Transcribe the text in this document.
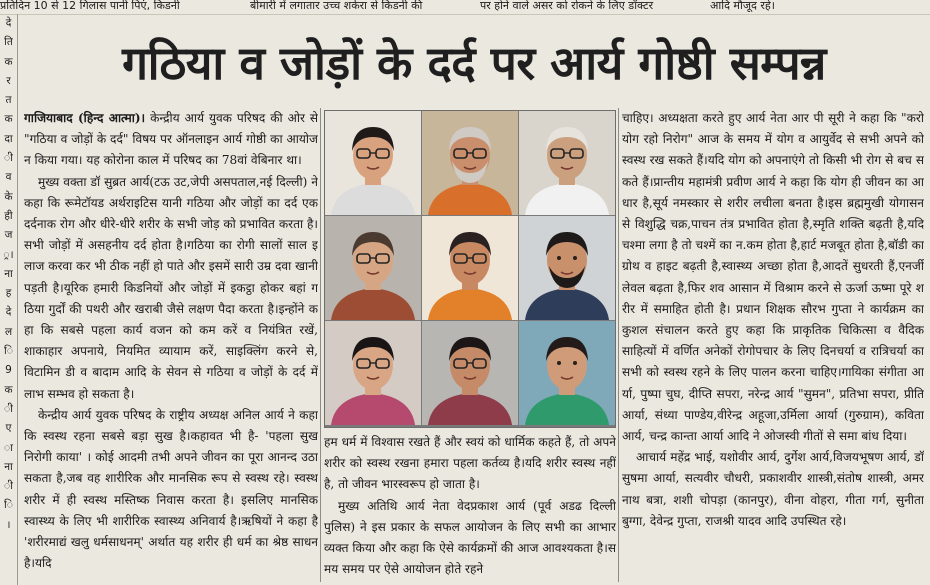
प्रतिदिन 10 से 12 गिलास पानी पिएं, किडनी	बीमारी में लगातार उच्च शर्करा से किडनी की	पर होने वाले असर को रोकने के लिए डॉक्टर	आदि मौजूद रहे।
दे
ति
क
र
त
क
दा
ी
व
के
ही
ज
्र।
ना
ह
दे
ल
ि
9
क
ी
ए
ा
ना
ी
ि
।
गठिया व जोड़ों के दर्द पर आर्य गोष्ठी सम्पन्न

गाजियाबाद (हिन्द आत्मा)। केन्द्रीय आर्य युवक परिषद की ओर से "गठिया व जोड़ों के दर्द" विषय पर ऑनलाइन आर्य गोष्ठी का आयोजन किया गया। यह कोरोना काल में परिषद का 78वां वेबिनार था।

मुख्य वक्ता डॉ सुब्रत आर्य(टऊ उट,जेपी असपताल,नई दिल्ली) ने कहा कि रूमेटॉयड अर्थराइटिस यानी गठिया और जोड़ों का दर्द एक दर्दनाक रोग और धीरे-धीरे शरीर के सभी जोड़ को प्रभावित करता है।सभी जोड़ों में असहनीय दर्द होता है।गठिया का रोगी सालों साल इलाज करवा कर भी ठीक नहीं हो पाते और इसमें सारी उम्र दवा खानी पड़ती है।यूरिक हमारी किडनियों और जोड़ों में इकट्ठा होकर बहां गठिया गुर्दों की पथरी और खराबी जैसे लक्षण पैदा करता है।इन्होंने कहा कि सबसे पहला कार्य वजन को कम करें व नियंत्रित रखें, शाकाहार अपनाये, नियमित व्यायाम करें, साइक्लिंग करने से, विटामिन डी व बादाम आदि के सेवन से गठिया व जोड़ों के दर्द में लाभ सम्भव हो सकता है।

केन्द्रीय आर्य युवक परिषद के राष्ट्रीय अध्यक्ष अनिल आर्य ने कहा कि स्वस्थ रहना सबसे बड़ा सुख है।कहावत भी है- 'पहला सुख निरोगी काया' । कोई आदमी तभी अपने जीवन का पूरा आनन्द उठा सकता है,जब वह शारीरिक और मानसिक रूप से स्वस्थ रहे। स्वस्थ शरीर में ही स्वस्थ मस्तिष्क निवास करता है। इसलिए मानसिक स्वास्थ्य के लिए भी शारीरिक स्वास्थ्य अनिवार्य है।ऋषियों ने कहा है 'शरीरमाद्यं खलु धर्मसाधनम्' अर्थात यह शरीर ही धर्म का श्रेष्ठ साधन है।यदि

हम धर्म में विश्वास रखते हैं और स्वयं को धार्मिक कहते हैं, तो अपने शरीर को स्वस्थ रखना हमारा पहला कर्तव्य है।यदि शरीर स्वस्थ नहीं है, तो जीवन भारस्वरूप हो जाता है।

मुख्य अतिथि आर्य नेता वेदप्रकाश आर्य (पूर्व अडढ दिल्ली पुलिस) ने इस प्रकार के सफल आयोजन के लिए सभी का आभार व्यक्त किया और कहा कि ऐसे कार्यक्रमों की आज आवश्यकता है।समय समय पर ऐसे आयोजन होते रहने

चाहिए। अध्यक्षता करते हुए आर्य नेता आर पी सूरी ने कहा कि "करो योग रहो निरोग" आज के समय में योग व आयुर्वेद से सभी अपने को स्वस्थ रख सकते हैं।यदि योग को अपनाएंगे तो किसी भी रोग से बच सकते हैं।प्रान्तीय महामंत्री प्रवीण आर्य ने कहा कि योग ही जीवन का आधार है,सूर्य नमस्कार से शरीर लचीला बनता है।इस ब्रह्ममुखी योगासन से विशुद्धि चक्र,पाचन तंत्र प्रभावित होता है,स्मृति शक्ति बढ़ती है,यदि चश्मा लगा है तो चश्में का न.कम होता है,हार्ट मजबूत होता है,बॉडी का ग्रोथ व हाइट बढ़ती है,स्वास्थ्य अच्छा होता है,आदतें सुधरती हैं,एनर्जी लेवल बढ़ता है,फिर शव आसान में विश्राम करने से ऊर्जा ऊष्मा पूरे शरीर में समाहित होती है। प्रधान शिक्षक सौरभ गुप्ता ने कार्यक्रम का कुशल संचालन करते हुए कहा कि प्राकृतिक चिकित्सा व वैदिक साहित्यों में वर्णित अनेकों रोगोपचार के लिए दिनचर्या व रात्रिचर्या का सभी को स्वस्थ रहने के लिए पालन करना चाहिए।गायिका संगीता आर्या, पुष्पा चुघ, दीप्ति सपरा, नरेन्द्र आर्य "सुमन", प्रतिभा सपरा, प्रीति आर्या, संध्या पाण्डेय,वीरेन्द्र अहूजा,उर्मिला आर्या (गुरुग्राम), कविता आर्य, चन्द्र कान्ता आर्या आदि ने ओजस्वी गीतों से समा बांध दिया।

आचार्य महेंद्र भाई, यशोवीर आर्य, दुर्गेश आर्य,विजयभूषण आर्य, डॉ सुषमा आर्या, सत्यवीर चौधरी, प्रकाशवीर शास्त्री,संतोष शास्त्री, अमरनाथ बत्रा, शशी चोपड़ा (कानपुर), वीना वोहरा, गीता गर्ग, सुनीता बुग्गा, देवेन्द्र गुप्ता, राजश्री यादव आदि उपस्थित रहे।
